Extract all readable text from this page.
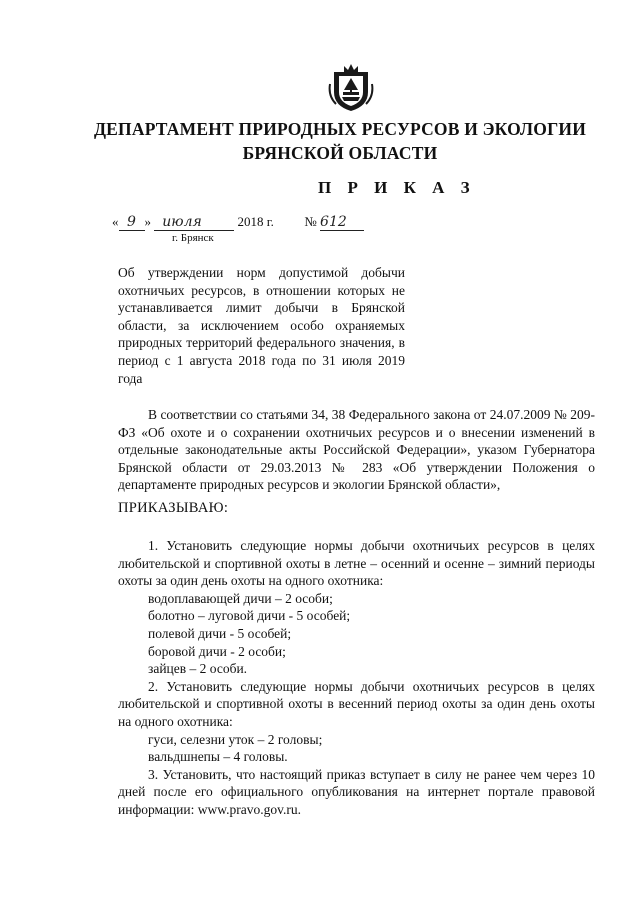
ДЕПАРТАМЕНТ ПРИРОДНЫХ РЕСУРСОВ И ЭКОЛОГИИ
БРЯНСКОЙ ОБЛАСТИ
П Р И К А З
« 9 » июля	2018 г. № 612
г. Брянск

Об утверждении норм допустимой добычи охотничьих ресурсов, в отношении которых не устанавливается лимит добычи в Брянской области, за исключением особо охраняемых природных территорий федерального значения, в период с 1 августа 2018 года по 31 июля 2019 года

В соответствии со статьями 34, 38 Федерального закона от 24.07.2009 № 209-ФЗ «Об охоте и о сохранении охотничьих ресурсов и о внесении изменений в отдельные законодательные акты Российской Федерации», указом Губернатора Брянской области от 29.03.2013 № 283 «Об утверждении Положения о департаменте природных ресурсов и экологии Брянской области»,

ПРИКАЗЫВАЮ:

1. Установить следующие нормы добычи охотничьих ресурсов в целях любительской и спортивной охоты в летне – осенний и осенне – зимний периоды охоты за один день охоты на одного охотника:

водоплавающей дичи – 2 особи;

болотно – луговой дичи - 5 особей;

полевой дичи - 5 особей;

боровой дичи - 2 особи;

зайцев – 2 особи.

2. Установить следующие нормы добычи охотничьих ресурсов в целях любительской и спортивной охоты в весенний период охоты за один день охоты на одного охотника:

гуси, селезни уток – 2 головы;

вальдшнепы – 4 головы.

3. Установить, что настоящий приказ вступает в силу не ранее чем через 10 дней после его официального опубликования на интернет портале правовой информации: www.pravo.gov.ru.
